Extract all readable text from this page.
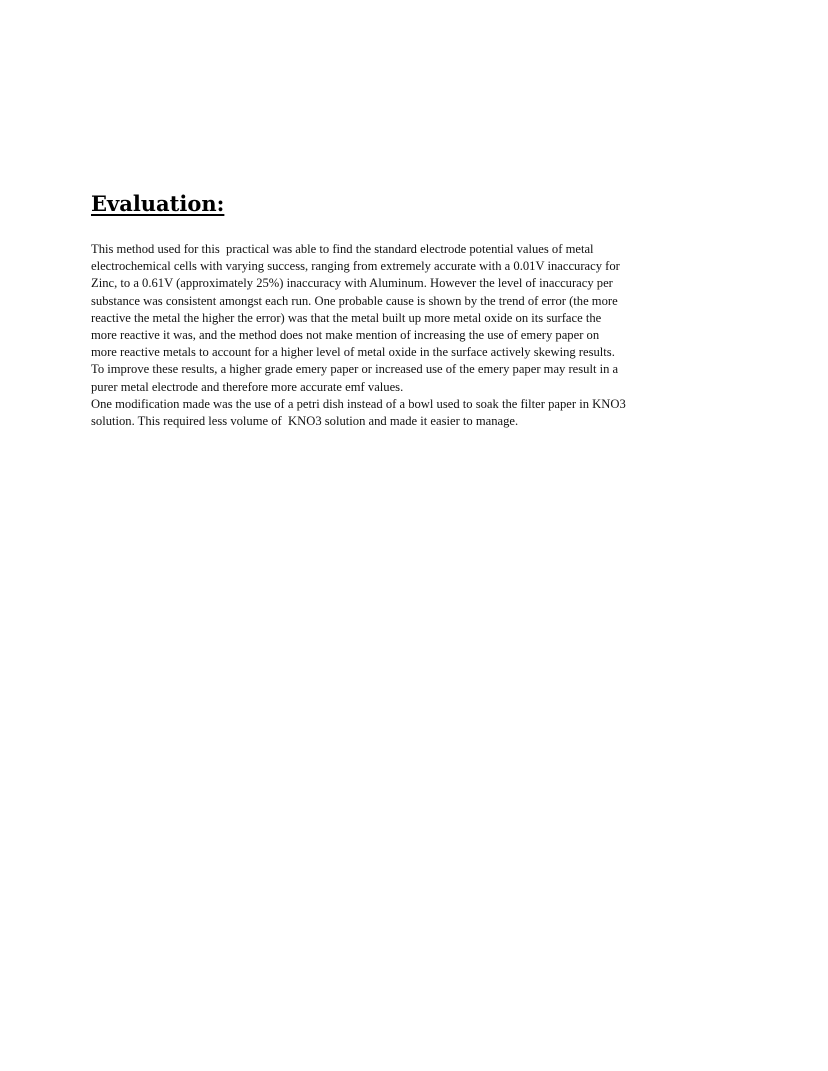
Evaluation:
This method used for this  practical was able to find the standard electrode potential values of metal
electrochemical cells with varying success, ranging from extremely accurate with a 0.01V inaccuracy for
Zinc, to a 0.61V (approximately 25%) inaccuracy with Aluminum. However the level of inaccuracy per
substance was consistent amongst each run. One probable cause is shown by the trend of error (the more
reactive the metal the higher the error) was that the metal built up more metal oxide on its surface the
more reactive it was, and the method does not make mention of increasing the use of emery paper on
more reactive metals to account for a higher level of metal oxide in the surface actively skewing results.
To improve these results, a higher grade emery paper or increased use of the emery paper may result in a
purer metal electrode and therefore more accurate emf values.
One modification made was the use of a petri dish instead of a bowl used to soak the filter paper in KNO3
solution. This required less volume of  KNO3 solution and made it easier to manage.
